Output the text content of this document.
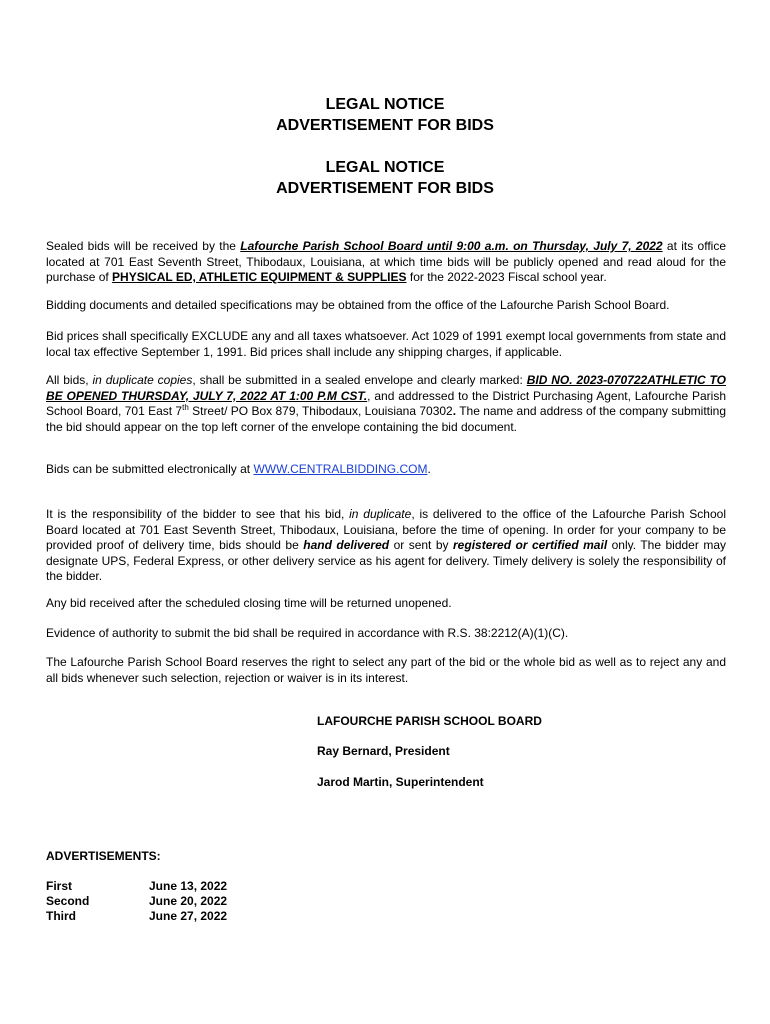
LEGAL NOTICE
ADVERTISEMENT FOR BIDS
LEGAL NOTICE
ADVERTISEMENT FOR BIDS
Sealed bids will be received by the Lafourche Parish School Board until 9:00 a.m. on Thursday, July 7, 2022 at its office located at 701 East Seventh Street, Thibodaux, Louisiana, at which time bids will be publicly opened and read aloud for the purchase of PHYSICAL ED, ATHLETIC EQUIPMENT & SUPPLIES for the 2022-2023 Fiscal school year.
Bidding documents and detailed specifications may be obtained from the office of the Lafourche Parish School Board.
Bid prices shall specifically EXCLUDE any and all taxes whatsoever. Act 1029 of 1991 exempt local governments from state and local tax effective September 1, 1991. Bid prices shall include any shipping charges, if applicable.
All bids, in duplicate copies, shall be submitted in a sealed envelope and clearly marked: BID NO. 2023-070722ATHLETIC TO BE OPENED THURSDAY, JULY 7, 2022 AT 1:00 P.M CST., and addressed to the District Purchasing Agent, Lafourche Parish School Board, 701 East 7th Street/ PO Box 879, Thibodaux, Louisiana 70302. The name and address of the company submitting the bid should appear on the top left corner of the envelope containing the bid document.
Bids can be submitted electronically at WWW.CENTRALBIDDING.COM.
It is the responsibility of the bidder to see that his bid, in duplicate, is delivered to the office of the Lafourche Parish School Board located at 701 East Seventh Street, Thibodaux, Louisiana, before the time of opening. In order for your company to be provided proof of delivery time, bids should be hand delivered or sent by registered or certified mail only. The bidder may designate UPS, Federal Express, or other delivery service as his agent for delivery. Timely delivery is solely the responsibility of the bidder.
Any bid received after the scheduled closing time will be returned unopened.
Evidence of authority to submit the bid shall be required in accordance with R.S. 38:2212(A)(1)(C).
The Lafourche Parish School Board reserves the right to select any part of the bid or the whole bid as well as to reject any and all bids whenever such selection, rejection or waiver is in its interest.
LAFOURCHE PARISH SCHOOL BOARD
Ray Bernard, President
Jarod Martin, Superintendent
ADVERTISEMENTS:
First	June 13, 2022
Second	June 20, 2022
Third	June 27, 2022
